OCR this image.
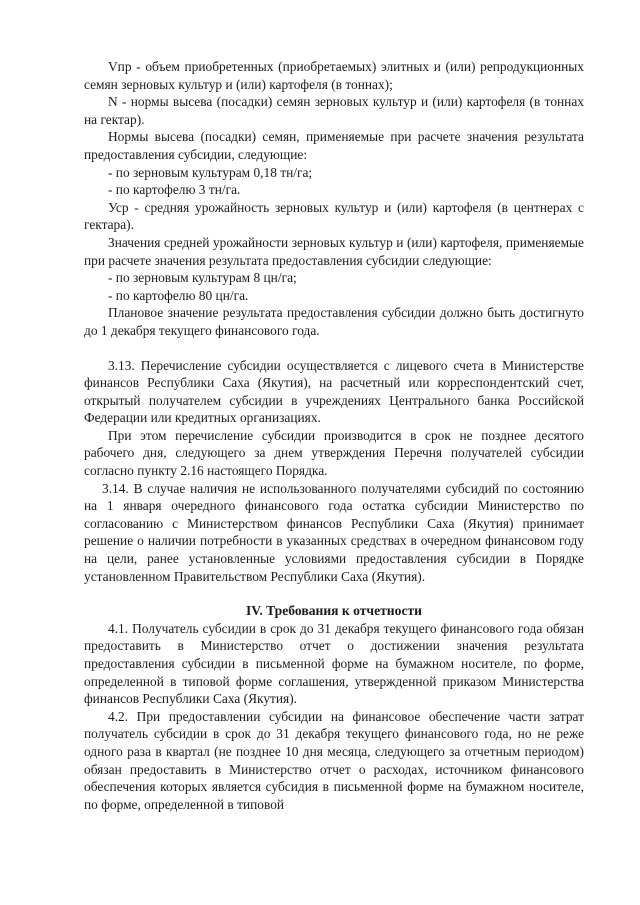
Vпр - объем приобретенных (приобретаемых) элитных и (или) репродукционных семян зерновых культур и (или) картофеля (в тоннах);

N - нормы высева (посадки) семян зерновых культур и (или) картофеля (в тоннах на гектар).

Нормы высева (посадки) семян, применяемые при расчете значения результата предоставления субсидии, следующие:

- по зерновым культурам 0,18 тн/га;

- по картофелю 3 тн/га.

Уср - средняя урожайность зерновых культур и (или) картофеля (в центнерах с гектара).

Значения средней урожайности зерновых культур и (или) картофеля, применяемые при расчете значения результата предоставления субсидии следующие:

- по зерновым культурам 8 цн/га;

- по картофелю 80 цн/га.

Плановое значение результата предоставления субсидии должно быть достигнуто до 1 декабря текущего финансового года.

3.13. Перечисление субсидии осуществляется с лицевого счета в Министерстве финансов Республики Саха (Якутия), на расчетный или корреспондентский счет, открытый получателем субсидии в учреждениях Центрального банка Российской Федерации или кредитных организациях.

При этом перечисление субсидии производится в срок не позднее десятого рабочего дня, следующего за днем утверждения Перечня получателей субсидии согласно пункту 2.16 настоящего Порядка.

3.14. В случае наличия не использованного получателями субсидий по состоянию на 1 января очередного финансового года остатка субсидии Министерство по согласованию с Министерством финансов Республики Саха (Якутия) принимает решение о наличии потребности в указанных средствах в очередном финансовом году на цели, ранее установленные условиями предоставления субсидии в Порядке установленном Правительством Республики Саха (Якутия).

IV. Требования к отчетности

4.1. Получатель субсидии в срок до 31 декабря текущего финансового года обязан предоставить в Министерство отчет о достижении значения результата предоставления субсидии в письменной форме на бумажном носителе, по форме, определенной в типовой форме соглашения, утвержденной приказом Министерства финансов Республики Саха (Якутия).

4.2. При предоставлении субсидии на финансовое обеспечение части затрат получатель субсидии в срок до 31 декабря текущего финансового года, но не реже одного раза в квартал (не позднее 10 дня месяца, следующего за отчетным периодом) обязан предоставить в Министерство отчет о расходах, источником финансового обеспечения которых является субсидия в письменной форме на бумажном носителе, по форме, определенной в типовой
